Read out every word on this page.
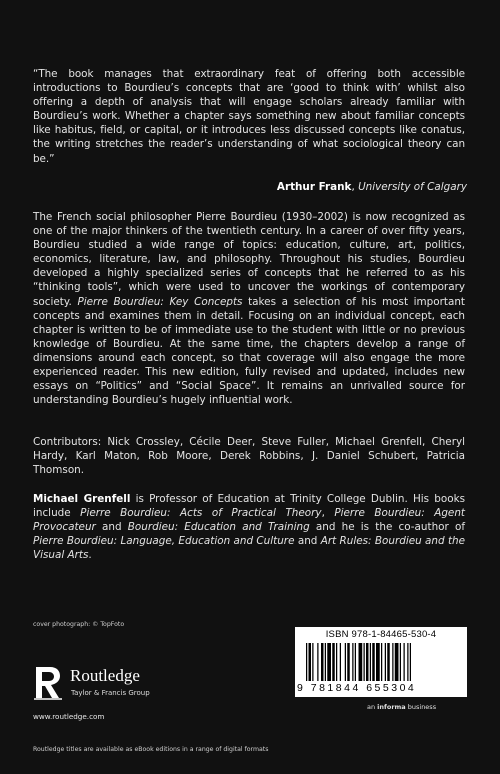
“The book manages that extraordinary feat of offering both accessible introductions to Bourdieu’s concepts that are ‘good to think with’ whilst also offering a depth of analysis that will engage scholars already familiar with Bourdieu’s work. Whether a chapter says something new about familiar concepts like habitus, field, or capital, or it introduces less discussed concepts like conatus, the writing stretches the reader’s understanding of what sociological theory can be.”
Arthur Frank, University of Calgary
The French social philosopher Pierre Bourdieu (1930–2002) is now recognized as one of the major thinkers of the twentieth century. In a career of over fifty years, Bourdieu studied a wide range of topics: education, culture, art, politics, economics, literature, law, and philosophy. Throughout his studies, Bourdieu developed a highly specialized series of concepts that he referred to as his “thinking tools”, which were used to uncover the workings of contemporary society. Pierre Bourdieu: Key Concepts takes a selection of his most important concepts and examines them in detail. Focusing on an individual concept, each chapter is written to be of immediate use to the student with little or no previous knowledge of Bourdieu. At the same time, the chapters develop a range of dimensions around each concept, so that coverage will also engage the more experienced reader. This new edition, fully revised and updated, includes new essays on “Politics” and “Social Space”. It remains an unrivalled source for understanding Bourdieu’s hugely influential work.
Contributors: Nick Crossley, Cécile Deer, Steve Fuller, Michael Grenfell, Cheryl Hardy, Karl Maton, Rob Moore, Derek Robbins, J. Daniel Schubert, Patricia Thomson.
Michael Grenfell is Professor of Education at Trinity College Dublin. His books include Pierre Bourdieu: Acts of Practical Theory, Pierre Bourdieu: Agent Provocateur and Bourdieu: Education and Training and he is the co-author of Pierre Bourdieu: Language, Education and Culture and Art Rules: Bourdieu and the Visual Arts.
cover photograph: © TopFoto
Routledge
Taylor & Francis Group
www.routledge.com
ISBN 978-1-84465-530-4
9 781844 655304
an informa business
Routledge titles are available as eBook editions in a range of digital formats
